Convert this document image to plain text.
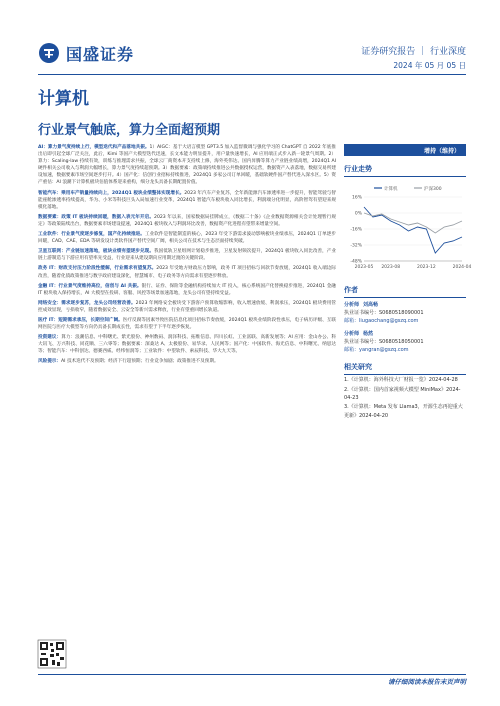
国盛证券	证券研究报告 ｜ 行业深度
2024 年 05 月 05 日
计算机
行业景气触底，算力全面超预期

AI：算力景气度持续上行，模型迭代和产品落地共振。1）AIGC：基于大语言模型 GPT3.5 加入监督微调与强化学习的 ChatGPT 自 2022 年底推出后即引起全球广泛关注，此后，Kimi 等国产大模型迭代迅速，长文本能力明显提升，用户量快速增长，AI 应用端正式步入新一轮景气周期。2）算力：Scaling-law 持续有效，训练与推理需求共振，全球云厂商资本开支持续上修，海外英伟达、国内昇腾等算力产业链业绩高增，2024Q1 AI 硬件相关公司收入与利润大幅增长，算力景气度持续超预期。3）数据要素：政策端持续推进公共数据授权运营，数据资产入表落地，数据交易所建设加速，数据要素市场空间逐步打开。4）国产化：信创行业招标持续推进，2024Q1 多家公司订单回暖，基础软硬件国产替代进入深水区。5）资产重估：AI 浪潮下计算机板块估值体系迎来重构，细分龙头具备长期配置价值。

智能汽车：乘用车产销量持续向上，2024Q1 板块业绩整体实现增长。2023 年汽车产业复苏，全年新能源汽车渗透率进一步提升，智能驾驶与智能座舱渗透率持续提高，华为、小米等科技巨头入局加速行业变革，2024Q1 智能汽车板块收入同比增长，利润端分化明显，高阶智驾有望迎来规模化落地。

数据要素：政策 IT 板块持续回暖，数据入表元年开启。2023 年以来，国家数据局挂牌成立，《数据二十条》《企业数据资源相关会计处理暂行规定》等政策陆续出台，数据要素市场建设提速，2024Q1 板块收入与利润环比改善，数据资产化进程有望带来增量空间。

工业软件：行业景气度逐步修复，国产化持续推进。工业软件是智能制造的核心，2023 年受下游需求波动影响板块业绩承压，2024Q1 订单逐步回暖，CAD、CAE、EDA 等研发设计类软件国产替代空间广阔，相关公司在技术与生态层面持续突破。

卫星互联网：产业链加速落地，板块业绩有望逐步兑现。我国低轨卫星组网计划稳步推进，卫星发射频次提升，2024Q1 板块收入同比改善，产业链上游制造与下游应用有望率先受益，行业迎来从建设期向应用期过渡的关键阶段。

政务 IT：财政支付压力阶段性缓解，行业需求有望复苏。2023 年受地方财政压力影响，政务 IT 项目招标与回款节奏放缓，2024Q1 收入端边际改善，随着化债政策推进与数字政府建设深化，智慧城市、电子政务等方向需求有望逐步释放。

金融 IT：行业景气度维持高位，信创与 AI 共振。银行、证券、保险等金融机构持续加大 IT 投入，核心系统国产化替换稳步推进，2024Q1 金融 IT 板块收入保持增长，AI 大模型在投研、客服、风控等场景加速落地，龙头公司有望持续受益。

网络安全：需求逐步复苏，龙头公司经营改善。2023 年网络安全板块受下游客户预算收缩影响，收入增速放缓、利润承压，2024Q1 板块费用管控成效显现，亏损收窄，随着数据安全、云安全等新兴需求释放，行业有望重回增长轨道。

医疗 IT：短期需求承压，长期空间广阔。医疗反腐等因素导致医院信息化项目招标节奏放缓，2024Q1 板块业绩阶段性承压，电子病历评级、互联网医院与医疗大模型等方向仍具备长期成长性，需求有望于下半年逐步恢复。

投资建议：算力：浪潮信息、中科曙光、紫光股份、神州数码、润泽科技、拓维信息、四川长虹、工业富联、高新发展等；AI 应用：金山办公、科大讯飞、万兴科技、同花顺、三六零等；数据要素：深桑达 A、太极股份、易华录、人民网等；国产化：中国软件、海光信息、中科曙光、纳思达等；智能汽车：中科创达、德赛西威、经纬恒润等；工业软件：中望软件、索辰科技、华大九天等。

风险提示：AI 技术迭代不及预期；经济下行超预期；行业竞争加剧；政策推进不及预期。

增持（维持）
行业走势
16%
0%
-16%
-32%
-48%
2023-05 2023-08	2023-12	2024-04
计算机	沪深300
作者
分析师 刘高畅
执业证书编号：S0680518090001
邮箱：liugaochang@gszq.com
分析师 杨然
执业证书编号：S0680518050001
邮箱：yangran@gszq.com
相关研究
1.《计算机：海外科技大厂财报一览》2024-04-28
2.《计算机：国内首家视频大模型 MiniMax》2024-04-23
3.《计算机：Meta 发布 Llama3，开源生态再迎重大更新》2024-04-20
请仔细阅读本报告末页声明
